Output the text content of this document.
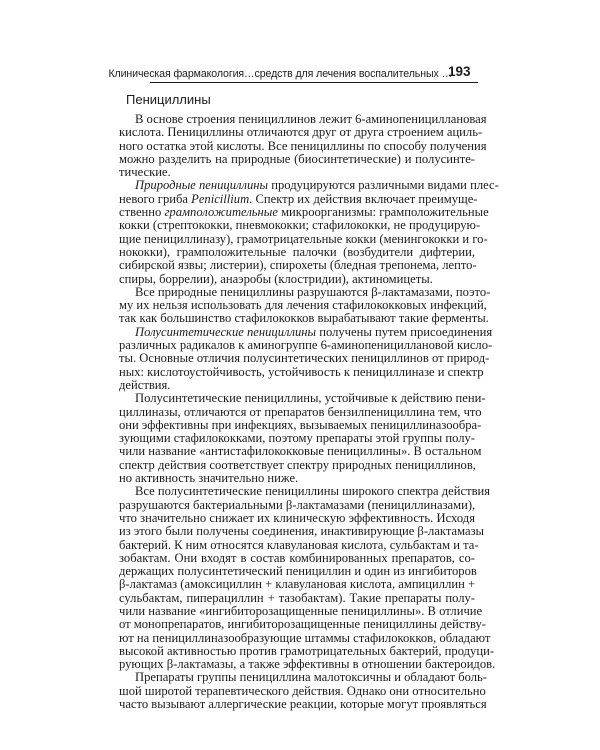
Клиническая фармакология…средств для лечения воспалительных …
193
Пенициллины

В основе строения пенициллинов лежит 6-аминопенициллановая
кислота. Пенициллины отличаются друг от друга строением ациль-
ного остатка этой кислоты. Все пенициллины по способу получения
можно разделить на природные (биосинтетические) и полусинте-
тические.

Природные пенициллины продуцируются различными видами плес-
невого гриба Penicillium. Спектр их действия включает преимуще-
ственно грамположительные микроорганизмы: грамположительные
кокки (стрептококки, пневмококки; стафилококки, не продуцирую-
щие пенициллиназу), грамотрицательные кокки (менингококки и го-
нококки), грамположительные палочки (возбудители дифтерии,
сибирской язвы; листерии), спирохеты (бледная трепонема, лепто-
спиры, боррелии), анаэробы (клостридии), актиномицеты.

Все природные пенициллины разрушаются β-лактамазами, поэто-
му их нельзя использовать для лечения стафилококковых инфекций,
так как большинство стафилококков вырабатывают такие ферменты.

Полусинтетические пенициллины получены путем присоединения
различных радикалов к аминогруппе 6-аминопенициллановой кисло-
ты. Основные отличия полусинтетических пенициллинов от природ-
ных: кислотоустойчивость, устойчивость к пенициллиназе и спектр
действия.

Полусинтетические пенициллины, устойчивые к действию пени-
циллиназы, отличаются от препаратов бензилпенициллина тем, что
они эффективны при инфекциях, вызываемых пенициллиназообра-
зующими стафилококками, поэтому препараты этой группы полу-
чили название «антистафилококковые пенициллины». В остальном
спектр действия соответствует спектру природных пенициллинов,
но активность значительно ниже.

Все полусинтетические пенициллины широкого спектра действия
разрушаются бактериальными β-лактамазами (пенициллиназами),
что значительно снижает их клиническую эффективность. Исходя
из этого были получены соединения, инактивирующие β-лактамазы
бактерий. К ним относятся клавулановая кислота, сульбактам и та-
зобактам. Они входят в состав комбинированных препаратов, со-
держащих полусинтетический пенициллин и один из ингибиторов
β-лактамаз (амоксициллин + клавулановая кислота, ампициллин +
сульбактам, пиперациллин + тазобактам). Такие препараты полу-
чили название «ингибиторозащищенные пенициллины». В отличие
от монопрепаратов, ингибиторозащищенные пенициллины действу-
ют на пенициллиназообразующие штаммы стафилококков, обладают
высокой активностью против грамотрицательных бактерий, продуци-
рующих β-лактамазы, а также эффективны в отношении бактероидов.

Препараты группы пенициллина малотоксичны и обладают боль-
шой широтой терапевтического действия. Однако они относительно
часто вызывают аллергические реакции, которые могут проявляться
